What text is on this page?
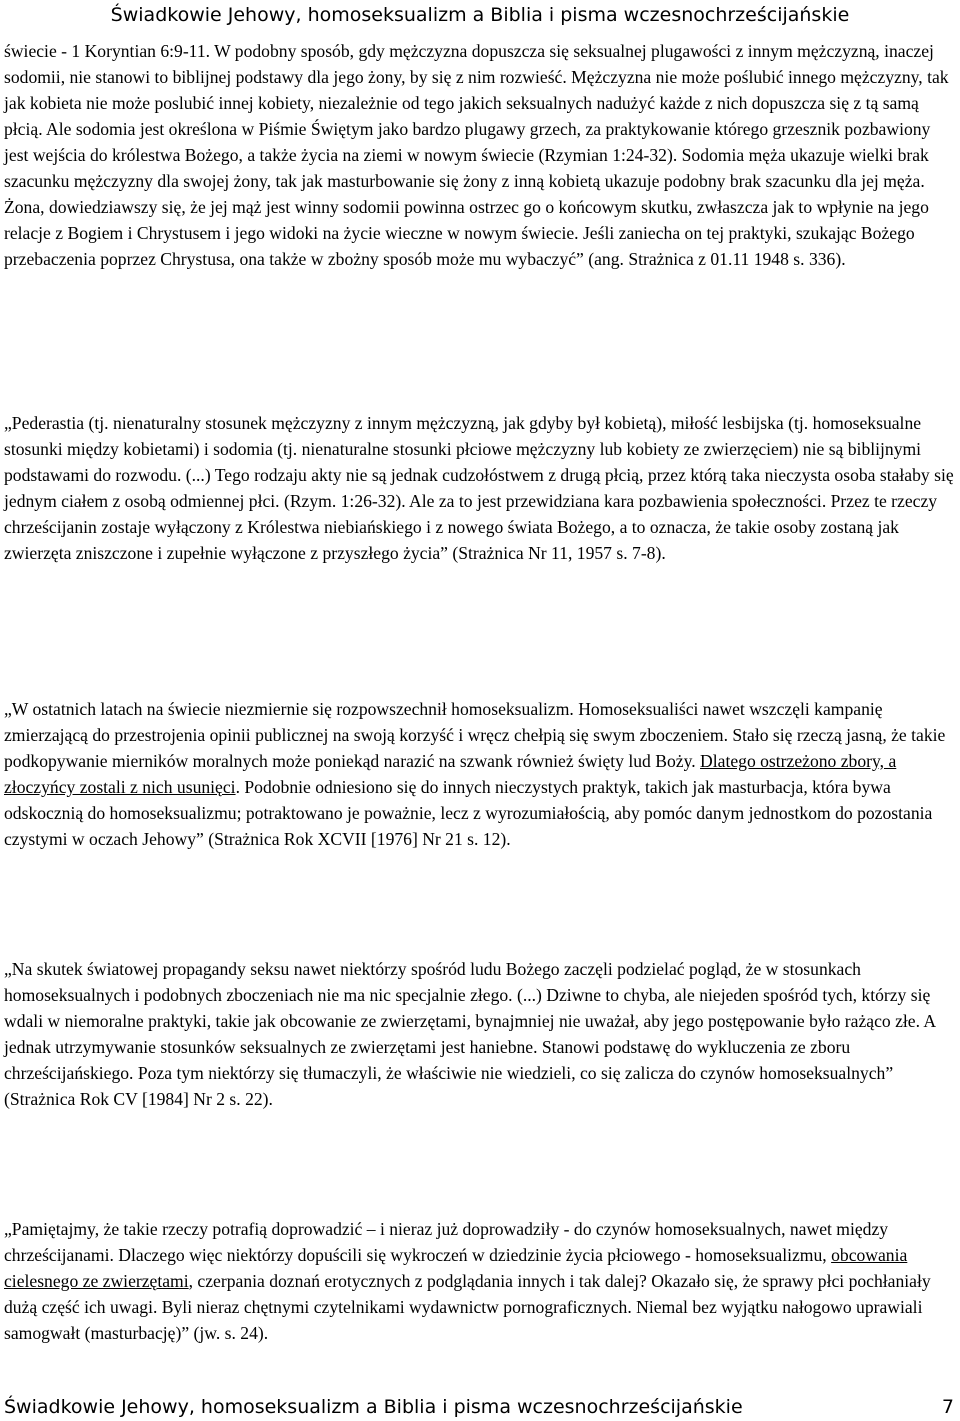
Świadkowie Jehowy, homoseksualizm a Biblia i pisma wczesnochrześcijańskie
świecie - 1 Koryntian 6:9-11. W podobny sposób, gdy mężczyzna dopuszcza się seksualnej plugawości z innym mężczyzną, inaczej sodomii, nie stanowi to biblijnej podstawy dla jego żony, by się z nim rozwieść. Mężczyzna nie może poślubić innego mężczyzny, tak jak kobieta nie może poslubić innej kobiety, niezależnie od tego jakich seksualnych nadużyć każde z nich dopuszcza się z tą samą płcią. Ale sodomia jest określona w Piśmie Świętym jako bardzo plugawy grzech, za praktykowanie którego grzesznik pozbawiony jest wejścia do królestwa Bożego, a także życia na ziemi w nowym świecie (Rzymian 1:24-32). Sodomia męża ukazuje wielki brak szacunku mężczyzny dla swojej żony, tak jak masturbowanie się żony z inną kobietą ukazuje podobny brak szacunku dla jej męża. Żona, dowiedziawszy się, że jej mąż jest winny sodomii powinna ostrzec go o końcowym skutku, zwłaszcza jak to wpłynie na jego relacje z Bogiem i Chrystusem i jego widoki na życie wieczne w nowym świecie. Jeśli zaniecha on tej praktyki, szukając Bożego przebaczenia poprzez Chrystusa, ona także w zbożny sposób może mu wybaczyć” (ang. Strażnica z 01.11 1948 s. 336).
„Pederastia (tj. nienaturalny stosunek mężczyzny z innym mężczyzną, jak gdyby był kobietą), miłość lesbijska (tj. homoseksualne stosunki między kobietami) i sodomia (tj. nienaturalne stosunki płciowe mężczyzny lub kobiety ze zwierzęciem) nie są biblijnymi podstawami do rozwodu. (...) Tego rodzaju akty nie są jednak cudzołóstwem z drugą płcią, przez którą taka nieczysta osoba stałaby się jednym ciałem z osobą odmiennej płci. (Rzym. 1:26-32). Ale za to jest przewidziana kara pozbawienia społeczności. Przez te rzeczy chrześcijanin zostaje wyłączony z Królestwa niebiańskiego i z nowego świata Bożego, a to oznacza, że takie osoby zostaną jak zwierzęta zniszczone i zupełnie wyłączone z przyszłego życia” (Strażnica Nr 11, 1957 s. 7-8).
„W ostatnich latach na świecie niezmiernie się rozpowszechnił homoseksualizm. Homoseksualiści nawet wszczęli kampanię zmierzającą do przestrojenia opinii publicznej na swoją korzyść i wręcz chełpią się swym zboczeniem. Stało się rzeczą jasną, że takie podkopywanie mierników moralnych może poniekąd narazić na szwank również święty lud Boży. Dlatego ostrzeżono zbory, a złoczyńcy zostali z nich usunięci. Podobnie odniesiono się do innych nieczystych praktyk, takich jak masturbacja, która bywa odskocznią do homoseksualizmu; potraktowano je poważnie, lecz z wyrozumiałością, aby pomóc danym jednostkom do pozostania czystymi w oczach Jehowy” (Strażnica Rok XCVII [1976] Nr 21 s. 12).
„Na skutek światowej propagandy seksu nawet niektórzy spośród ludu Bożego zaczęli podzielać pogląd, że w stosunkach homoseksualnych i podobnych zboczeniach nie ma nic specjalnie złego. (...) Dziwne to chyba, ale niejeden spośród tych, którzy się wdali w niemoralne praktyki, takie jak obcowanie ze zwierzętami, bynajmniej nie uważał, aby jego postępowanie było rażąco złe. A jednak utrzymywanie stosunków seksualnych ze zwierzętami jest haniebne. Stanowi podstawę do wykluczenia ze zboru chrześcijańskiego. Poza tym niektórzy się tłumaczyli, że właściwie nie wiedzieli, co się zalicza do czynów homoseksualnych” (Strażnica Rok CV [1984] Nr 2 s. 22).
„Pamiętajmy, że takie rzeczy potrafią doprowadzić – i nieraz już doprowadziły - do czynów homoseksualnych, nawet między chrześcijanami. Dlaczego więc niektórzy dopuścili się wykroczeń w dziedzinie życia płciowego - homoseksualizmu, obcowania cielesnego ze zwierzętami, czerpania doznań erotycznych z podglądania innych i tak dalej? Okazało się, że sprawy płci pochłaniały dużą część ich uwagi. Byli nieraz chętnymi czytelnikami wydawnictw pornograficznych. Niemal bez wyjątku nałogowo uprawiali samogwałt (masturbację)” (jw. s. 24).
Świadkowie Jehowy, homoseksualizm a Biblia i pisma wczesnochrześcijańskie	7
